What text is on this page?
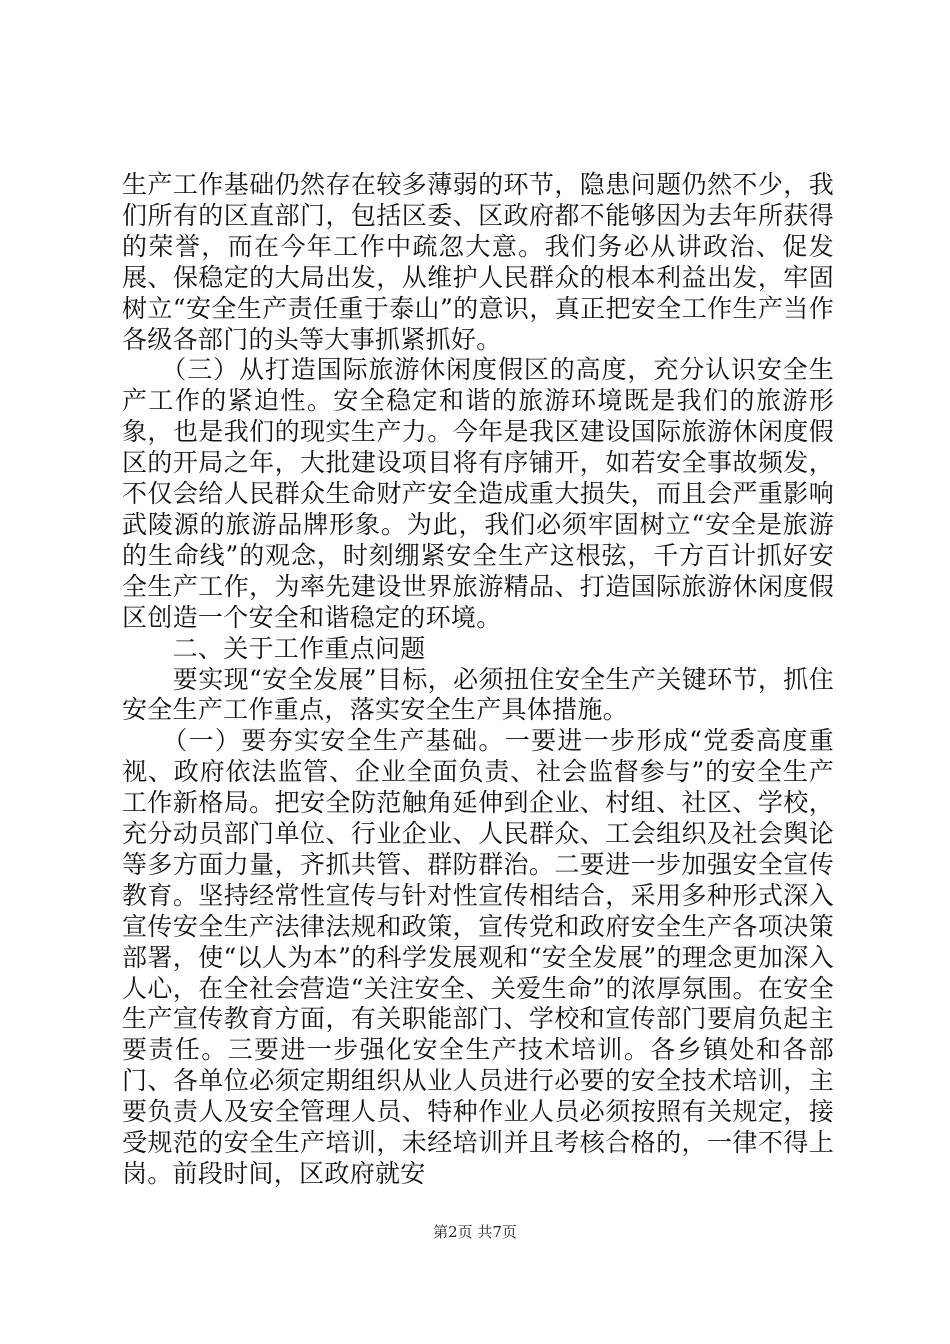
生产工作基础仍然存在较多薄弱的环节，隐患问题仍然不少，我们所有的区直部门，包括区委、区政府都不能够因为去年所获得的荣誉，而在今年工作中疏忽大意。我们务必从讲政治、促发展、保稳定的大局出发，从维护人民群众的根本利益出发，牢固树立“安全生产责任重于泰山”的意识，真正把安全工作生产当作各级各部门的头等大事抓紧抓好。

　　（三）从打造国际旅游休闲度假区的高度，充分认识安全生产工作的紧迫性。安全稳定和谐的旅游环境既是我们的旅游形象，也是我们的现实生产力。今年是我区建设国际旅游休闲度假区的开局之年，大批建设项目将有序铺开，如若安全事故频发，不仅会给人民群众生命财产安全造成重大损失，而且会严重影响武陵源的旅游品牌形象。为此，我们必须牢固树立“安全是旅游的生命线”的观念，时刻绷紧安全生产这根弦，千方百计抓好安全生产工作，为率先建设世界旅游精品、打造国际旅游休闲度假区创造一个安全和谐稳定的环境。

　　二、关于工作重点问题

　　要实现“安全发展”目标，必须扭住安全生产关键环节，抓住安全生产工作重点，落实安全生产具体措施。

　　（一）要夯实安全生产基础。一要进一步形成“党委高度重视、政府依法监管、企业全面负责、社会监督参与”的安全生产工作新格局。把安全防范触角延伸到企业、村组、社区、学校，充分动员部门单位、行业企业、人民群众、工会组织及社会舆论等多方面力量，齐抓共管、群防群治。二要进一步加强安全宣传教育。坚持经常性宣传与针对性宣传相结合，采用多种形式深入宣传安全生产法律法规和政策，宣传党和政府安全生产各项决策部署，使“以人为本”的科学发展观和“安全发展”的理念更加深入人心，在全社会营造“关注安全、关爱生命”的浓厚氛围。在安全生产宣传教育方面，有关职能部门、学校和宣传部门要肩负起主要责任。三要进一步强化安全生产技术培训。各乡镇处和各部门、各单位必须定期组织从业人员进行必要的安全技术培训，主要负责人及安全管理人员、特种作业人员必须按照有关规定，接受规范的安全生产培训，未经培训并且考核合格的，一律不得上岗。前段时间，区政府就安

第2页 共7页
